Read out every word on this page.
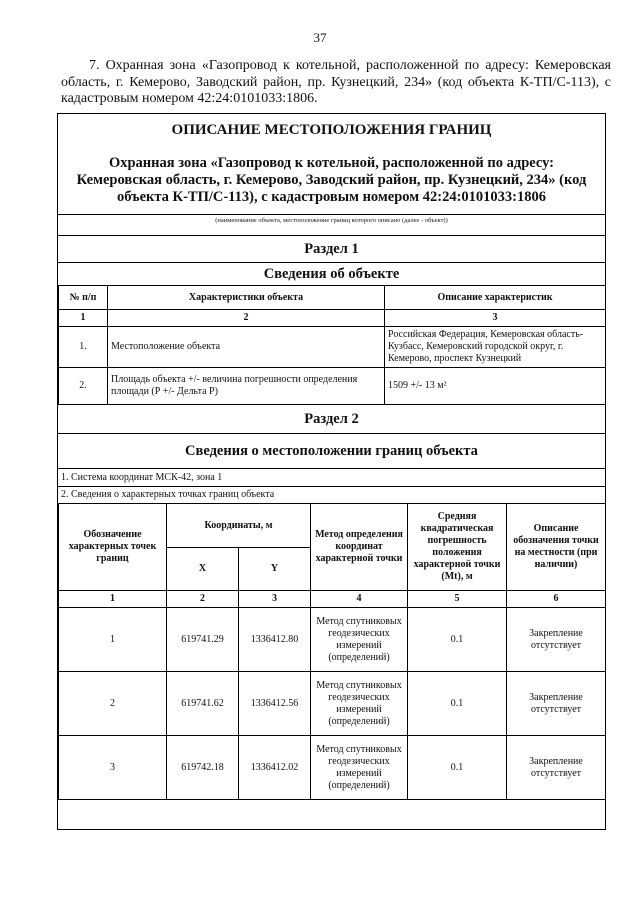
37
7. Охранная зона «Газопровод к котельной, расположенной по адресу: Кемеровская область, г. Кемерово, Заводский район, пр. Кузнецкий, 234» (код объекта К-ТП/С-113), с кадастровым номером 42:24:0101033:1806.
ОПИСАНИЕ МЕСТОПОЛОЖЕНИЯ ГРАНИЦ
Охранная зона «Газопровод к котельной, расположенной по адресу:
Кемеровская область, г. Кемерово, Заводский район, пр. Кузнецкий, 234» (код
объекта К-ТП/С-113), с кадастровым номером 42:24:0101033:1806
(наименование объекта, местоположение границ которого описано (далее - объект))
Раздел 1
Сведения об объекте
№ п/п	Характеристики объекта	Описание характеристик
1	2	3
1.	Местоположение объекта	Российская Федерация, Кемеровская область-Кузбасс, Кемеровский городской округ, г. Кемерово, проспект Кузнецкий
2.	Площадь объекта +/- величина погрешности определения площади (Р +/- Дельта Р)	1509 +/- 13 м²
Раздел 2
Сведения о местоположении границ объекта
1. Система координат МСК-42, зона 1
2. Сведения о характерных точках границ объекта
Обозначение характерных точек границ	Координаты, м		Метод определения координат характерной точки	Средняя квадратическая погрешность положения характерной точки (Mt), м	Описание обозначения точки на местности (при наличии)
	X	Y			
1	2	3	4	5	6
1	619741.29	1336412.80	Метод спутниковых геодезических измерений (определений)	0.1	Закрепление отсутствует
2	619741.62	1336412.56	Метод спутниковых геодезических измерений (определений)	0.1	Закрепление отсутствует
3	619742.18	1336412.02	Метод спутниковых геодезических измерений (определений)	0.1	Закрепление отсутствует
